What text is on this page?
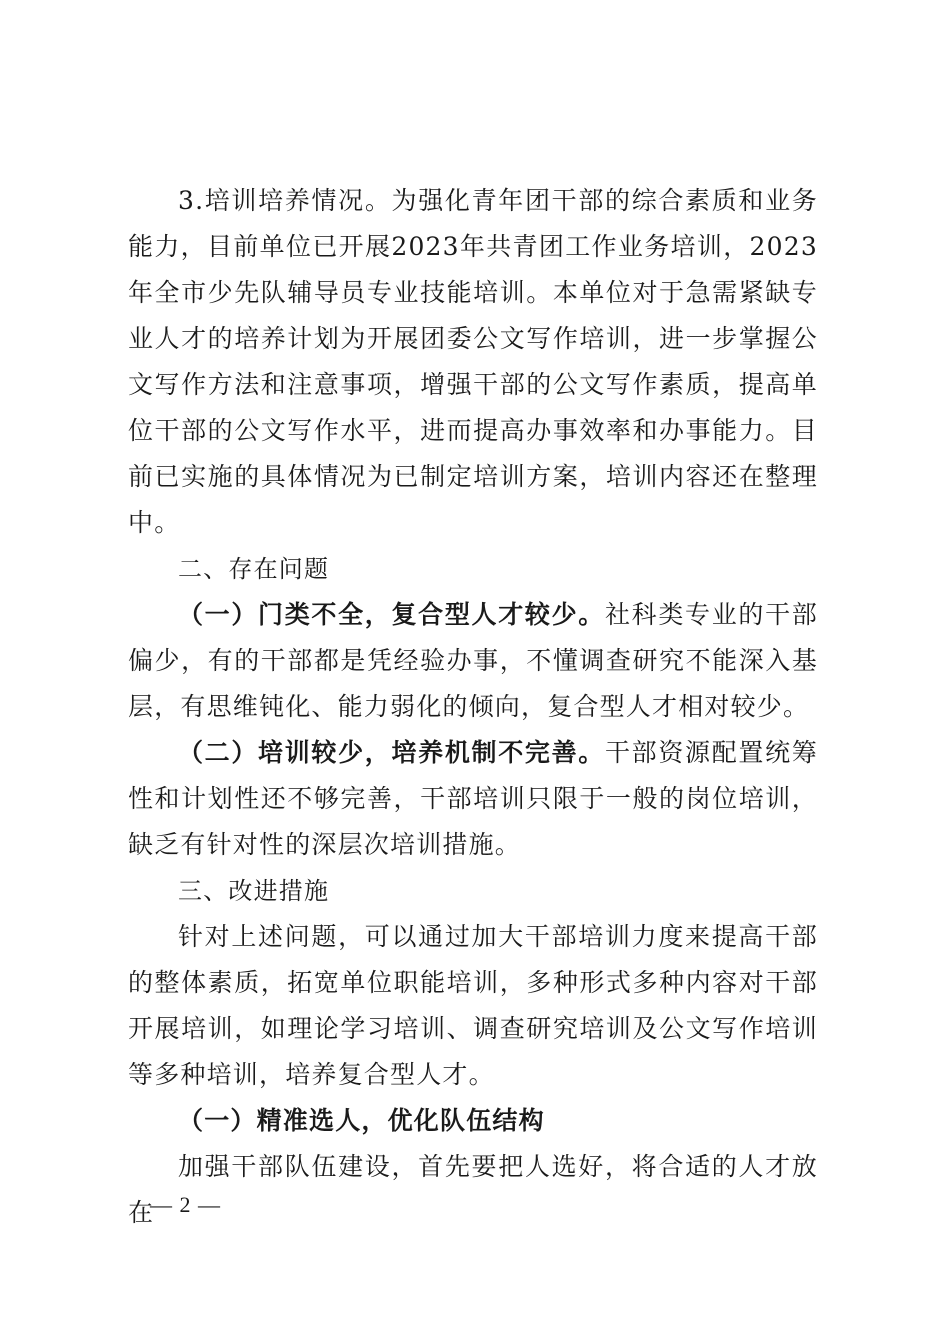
3.培训培养情况。为强化青年团干部的综合素质和业务能力，目前单位已开展2023年共青团工作业务培训，2023年全市少先队辅导员专业技能培训。本单位对于急需紧缺专业人才的培养计划为开展团委公文写作培训，进一步掌握公文写作方法和注意事项，增强干部的公文写作素质，提高单位干部的公文写作水平，进而提高办事效率和办事能力。目前已实施的具体情况为已制定培训方案，培训内容还在整理中。

二、存在问题

（一）门类不全，复合型人才较少。社科类专业的干部偏少，有的干部都是凭经验办事，不懂调查研究不能深入基层，有思维钝化、能力弱化的倾向，复合型人才相对较少。

（二）培训较少，培养机制不完善。干部资源配置统筹性和计划性还不够完善，干部培训只限于一般的岗位培训，缺乏有针对性的深层次培训措施。

三、改进措施

针对上述问题，可以通过加大干部培训力度来提高干部的整体素质，拓宽单位职能培训，多种形式多种内容对干部开展培训，如理论学习培训、调查研究培训及公文写作培训等多种培训，培养复合型人才。

（一）精准选人，优化队伍结构

加强干部队伍建设，首先要把人选好，将合适的人才放在

— 2 —
